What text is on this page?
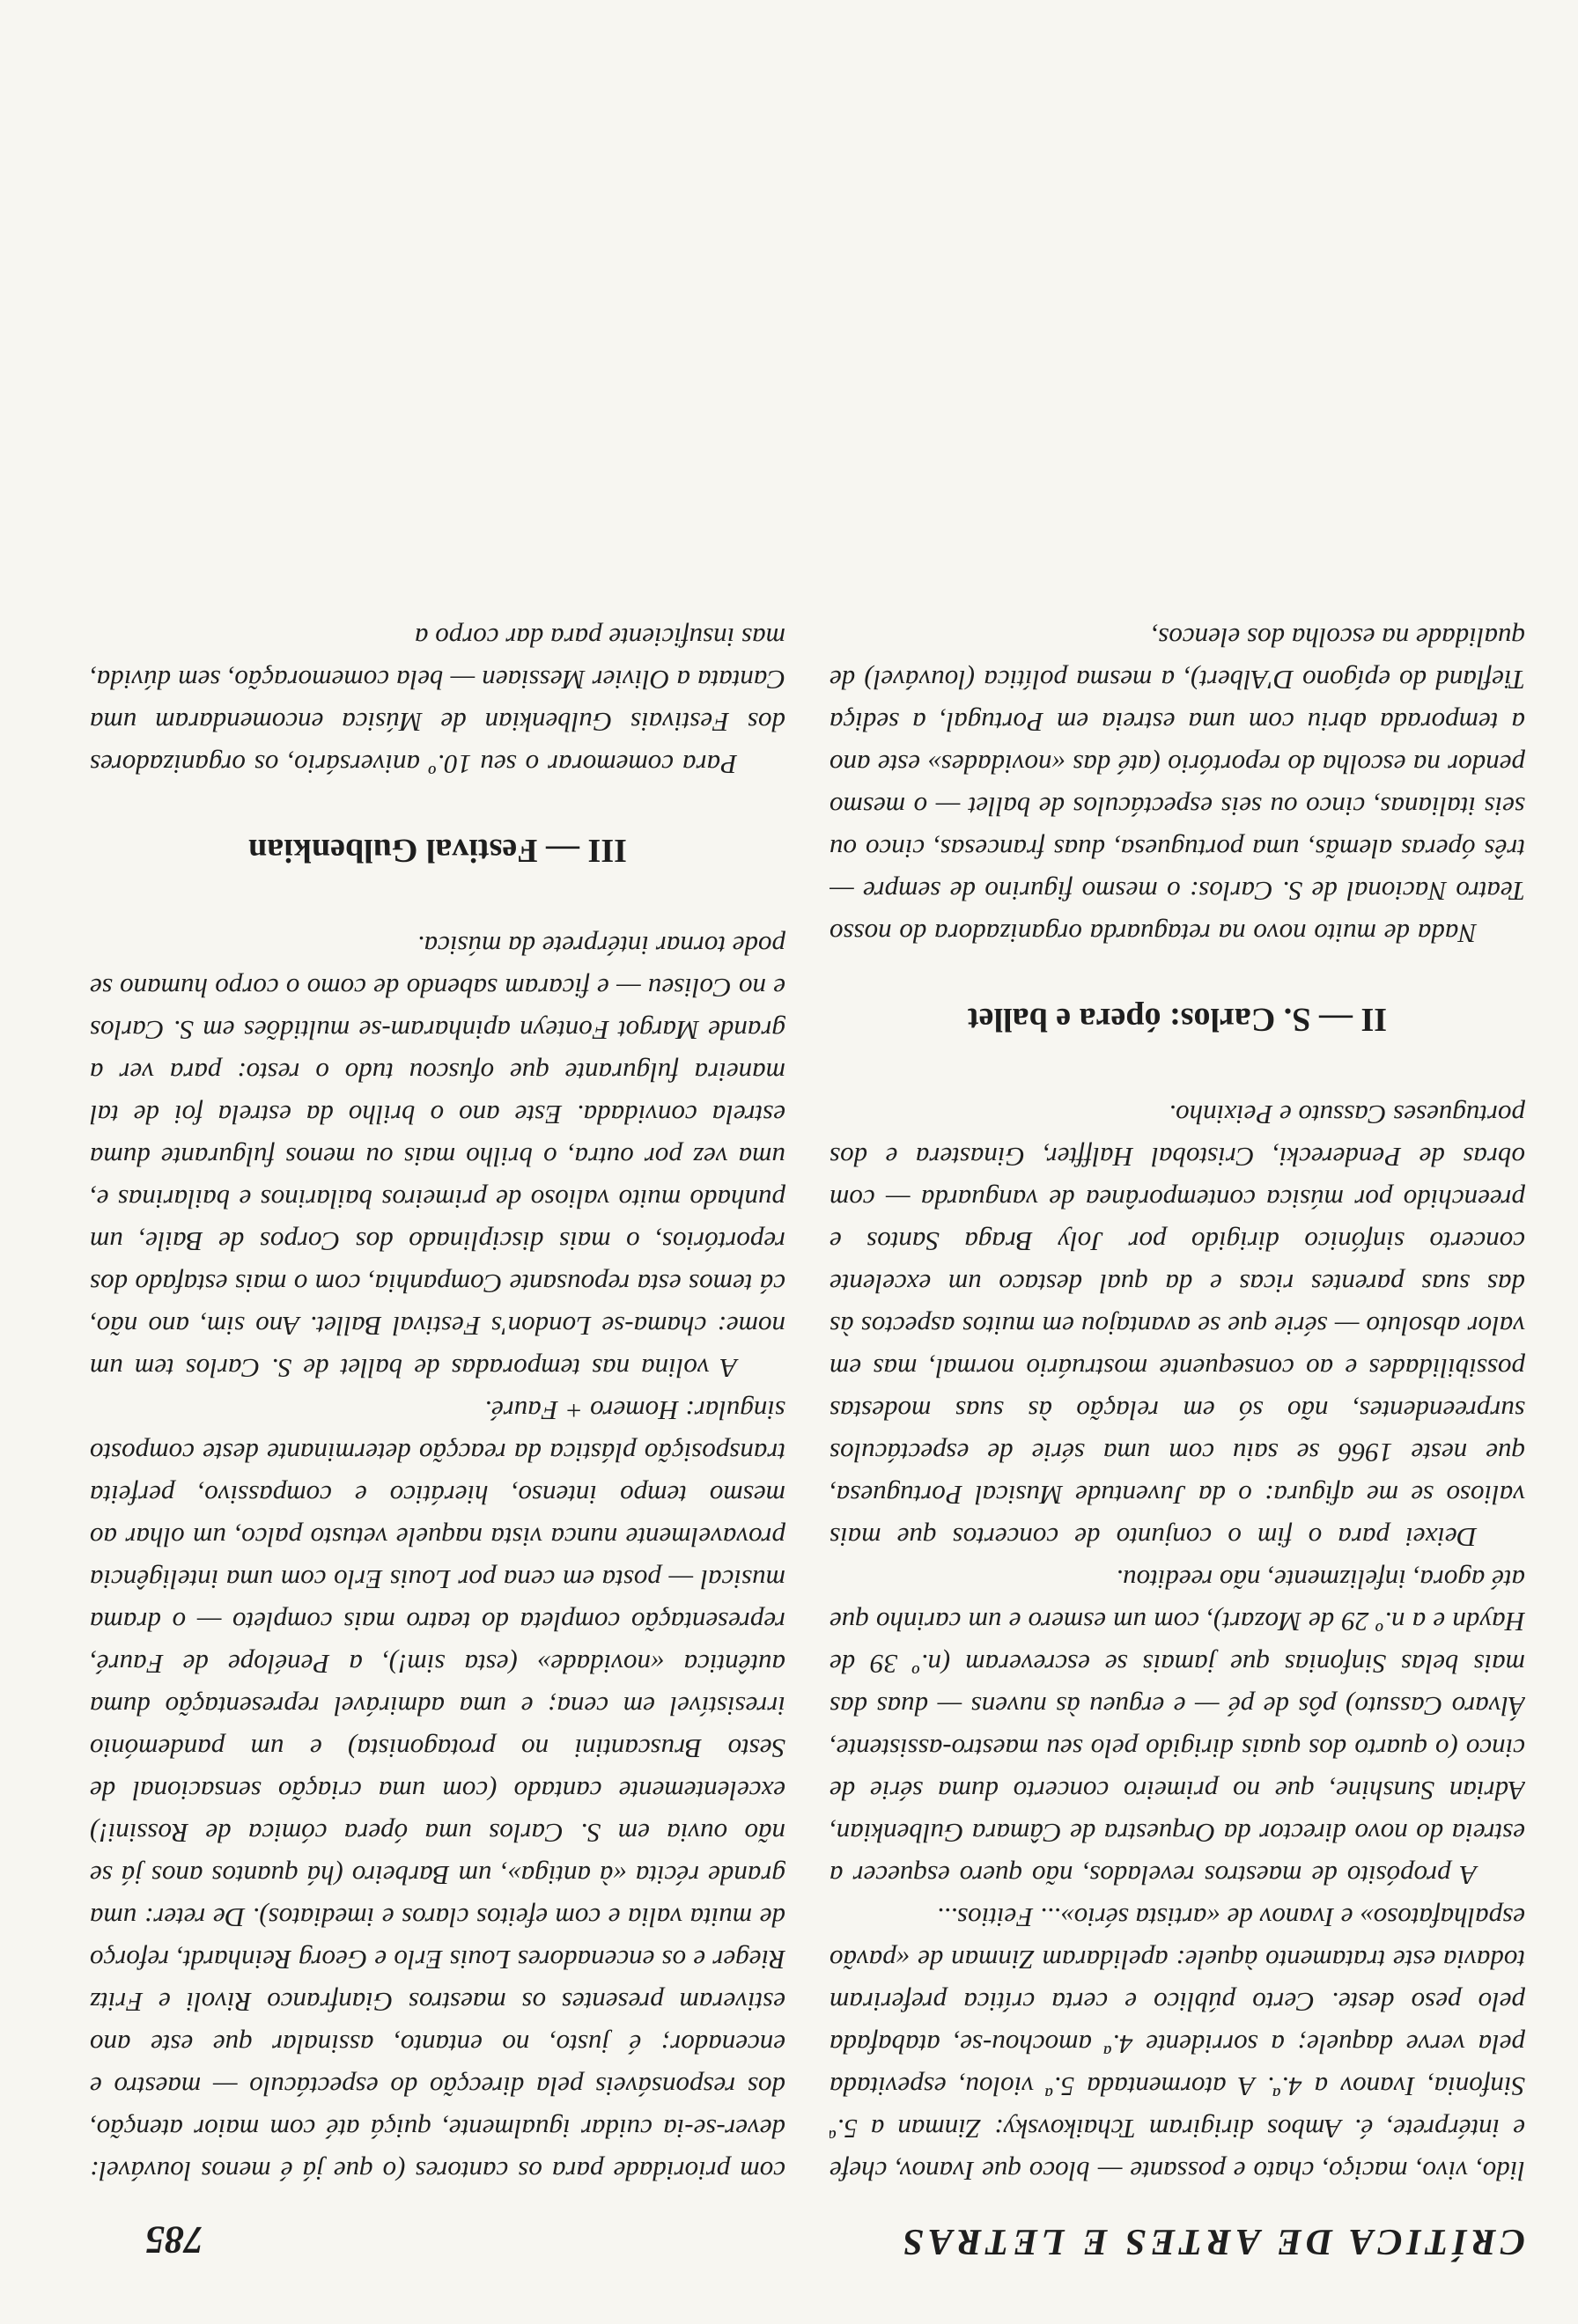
CRÍTICA DE ARTES E LETRAS
785

lido, vivo, maciço, chato e possante — bloco que Ivanov, chefe e intérprete, é. Ambos dirigiram Tchaikovsky: Zinman a 5.ª Sinfonia, Ivanov a 4.ª. A atormentada 5.ª violou, espevitada pela verve daquele; a sorridente 4.ª amochou-se, atabafada pelo peso deste. Certo público e certa crítica preferiram todavia este tratamento àquele: apelidaram Zinman de «pavão espalhafatoso» e Ivanov de «artista sério»... Feitios...

A propósito de maestros revelados, não quero esquecer a estreia do novo director da Orquestra de Câmara Gulbenkian, Adrian Sunshine, que no primeiro concerto duma série de cinco (o quarto dos quais dirigido pelo seu maestro-assistente, Álvaro Cassuto) pôs de pé — e ergueu às nuvens — duas das mais belas Sinfonias que jamais se escreveram (n.º 39 de Haydn e a n.º 29 de Mozart), com um esmero e um carinho que até agora, infelizmente, não reeditou.

Deixei para o fim o conjunto de concertos que mais valioso se me afigura: o da Juventude Musical Portuguesa, que neste 1966 se saiu com uma série de espectáculos surpreendentes, não só em relação às suas modestas possibilidades e ao consequente mostruário normal, mas em valor absoluto — série que se avantajou em muitos aspectos às das suas parentes ricas e da qual destaco um excelente concerto sinfónico dirigido por Joly Braga Santos e preenchido por música contemporânea de vanguarda — com obras de Penderecki, Cristobal Halffter, Ginastera e dos portugueses Cassuto e Peixinho.

II — S. Carlos: ópera e ballet

Nada de muito novo na retaguarda organizadora do nosso Teatro Nacional de S. Carlos: o mesmo figurino de sempre — três óperas alemãs, uma portuguesa, duas francesas, cinco ou seis italianas, cinco ou seis espectáculos de ballet — o mesmo pendor na escolha do reportório (até das «novidades» este ano a temporada abriu com uma estreia em Portugal, a sediça Tiefland do epígono D'Albert), a mesma política (louvável) de qualidade na escolha dos elencos,

com prioridade para os cantores (o que já é menos louvável: dever-se-ia cuidar igualmente, quiçá até com maior atenção, dos responsáveis pela direcção do espectáculo — maestro e encenador; é justo, no entanto, assinalar que este ano estiveram presentes os maestros Gianfranco Rivoli e Fritz Rieger e os encenadores Louis Erlo e Georg Reinhardt, reforço de muita valia e com efeitos claros e imediatos). De reter: uma grande récita «à antiga», um Barbeiro (há quantos anos já se não ouvia em S. Carlos uma ópera cómica de Rossini!) excelentemente cantado (com uma criação sensacional de Sesto Bruscantini no protagonista) e um pandemónio irresistível em cena; e uma admirável representação duma autêntica «novidade» (esta sim!), a Penélope de Fauré, representação completa do teatro mais completo — o drama musical — posta em cena por Louis Erlo com uma inteligência provavelmente nunca vista naquele vetusto palco, um olhar ao mesmo tempo intenso, hierático e compassivo, perfeita transposição plástica da reacção determinante deste composto singular: Homero + Fauré.

A volina nas temporadas de ballet de S. Carlos tem um nome: chama-se London's Festival Ballet. Ano sim, ano não, cá temos esta repousante Companhia, com o mais estafado dos reportórios, o mais disciplinado dos Corpos de Baile, um punhado muito valioso de primeiros bailarinos e bailarinas e, uma vez por outra, o brilho mais ou menos fulgurante duma estrela convidada. Este ano o brilho da estrela foi de tal maneira fulgurante que ofuscou tudo o resto: para ver a grande Margot Fonteyn apinharam-se multidões em S. Carlos e no Coliseu — e ficaram sabendo de como o corpo humano se pode tornar intérprete da música.

III — Festival Gulbenkian

Para comemorar o seu 10.º aniversário, os organizadores dos Festivais Gulbenkian de Música encomendaram uma Cantata a Olivier Messiaen — bela comemoração, sem dúvida, mas insuficiente para dar corpo a
